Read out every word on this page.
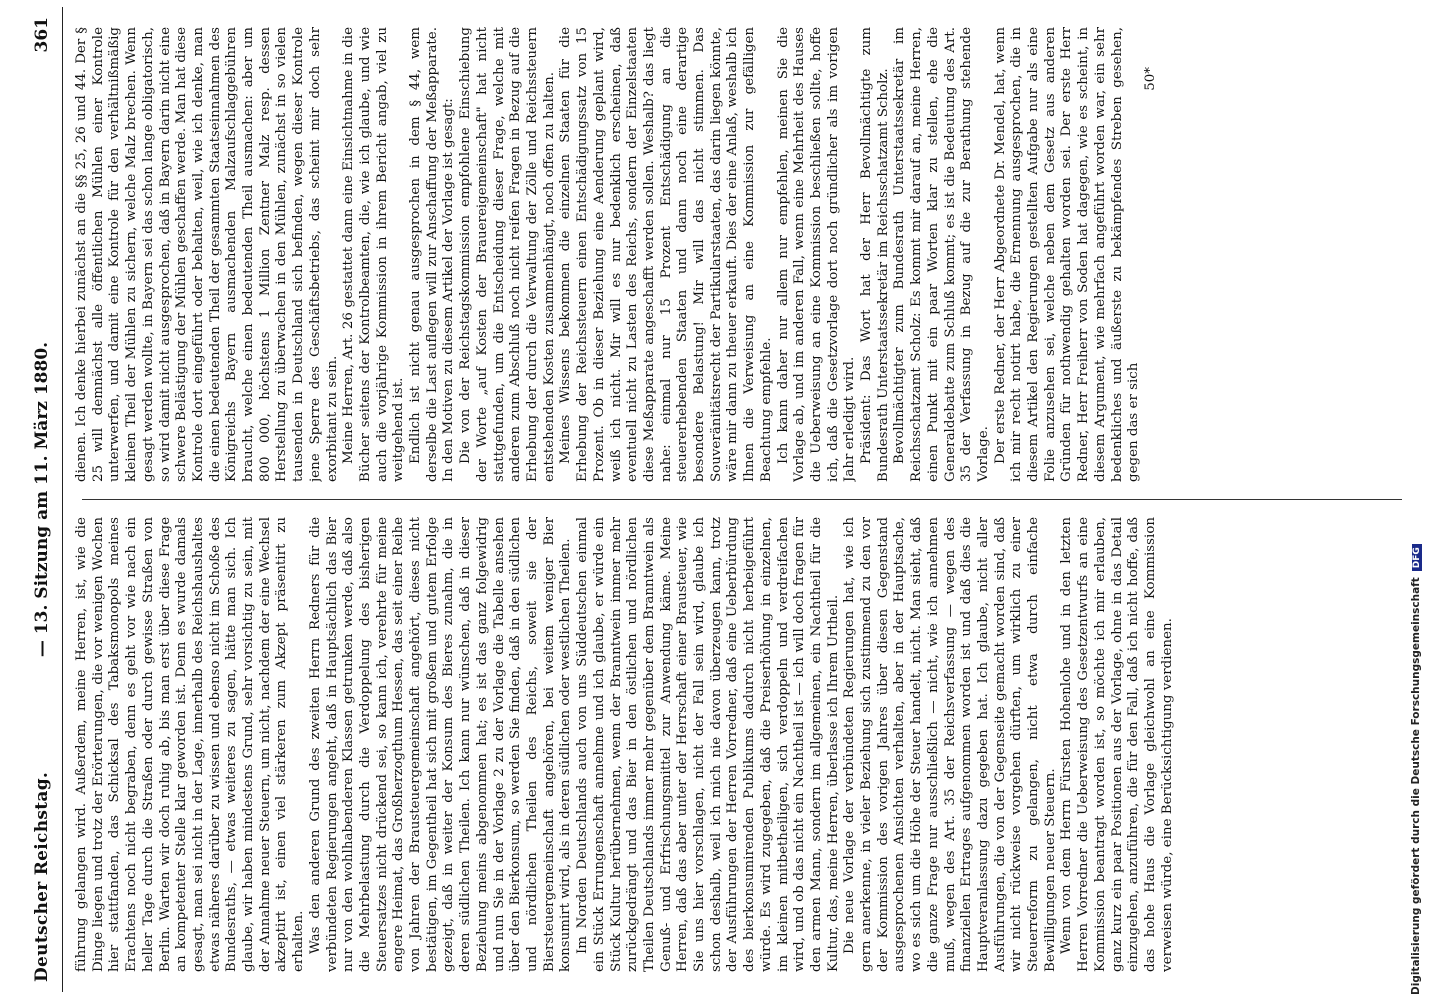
Deutscher Reichstag.
— 13. Sitzung am 11. März 1880.
361

führung gelangen wird. Außerdem, meine Herren, ist, wie die Dinge liegen und trotz der Erörterungen, die vor wenigen Wochen hier stattfanden, das Schicksal des Tabaksmonopols meines Erachtens noch nicht begraben, denn es geht vor wie nach ein heller Tage durch die Straßen oder durch gewisse Straßen von Berlin. Warten wir doch ruhig ab, bis man erst über diese Frage an kompetenter Stelle klar geworden ist. Denn es wurde damals gesagt, man sei nicht in der Lage, innerhalb des Reichshaushaltes etwas näheres darüber zu wissen und ebenso nicht im Schoße des Bundesraths, — etwas weiteres zu sagen, hätte man sich. Ich glaube, wir haben mindestens Grund, sehr vorsichtig zu sein, mit der Annahme neuer Steuern, um nicht, nachdem der eine Wechsel akzeptirt ist, einen viel stärkeren zum Akzept präsentirt zu erhalten. Was den anderen Grund des zweiten Herrn Redners für die verbündeten Regierungen angeht, daß in Hauptsächlich das Bier nur von den wohlhabenderen Klassen getrunken werde, daß also die Mehrbelastung durch die Verdoppelung des bisherigen Steuersatzes nicht drückend sei, so kann ich, verehrte für meine engere Heimat, das Großherzogthum Hessen, das seit einer Reihe von Jahren der Brausteuergemeinschaft angehört, dieses nicht bestätigen, im Gegentheil hat sich mit großem und gutem Erfolge gezeigt, daß in weiter der Konsum des Bieres zunahm, die in deren südlichen Theilen. Ich kann nur wünschen, daß in dieser Beziehung meins abgenommen hat; es ist das ganz folgewidrig und nun Sie in der Vorlage 2 zu der Vorlage die Tabelle ansehen über den Bierkonsum, so werden Sie finden, daß in den südlichen und nördlichen Theilen des Reichs, soweit sie der Biersteuergemeinschaft angehören, bei weitem weniger Bier konsumirt wird, als in deren südlichen oder westlichen Theilen. Im Norden Deutschlands auch von uns Süddeutschen einmal ein Stück Errungenschaft annehme und ich glaube, er würde ein Stück Kultur herübernehmen, wenn der Branntwein immer mehr zurückgedrängt und das Bier in den östlichen und nördlichen Theilen Deutschlands immer mehr gegenüber dem Branntwein als Genuß- und Erfrischungsmittel zur Anwendung käme. Meine Herren, daß das aber unter der Herrschaft einer Brausteuer, wie Sie uns hier vorschlagen, nicht der Fall sein wird, glaube ich schon deshalb, weil ich mich nie davon überzeugen kann, trotz der Ausführungen der Herren Vorredner, daß eine Ueberbürdung des bierkonsumirenden Publikums dadurch nicht herbeigeführt würde. Es wird zugegeben, daß die Preiserhöhung in einzelnen, im kleinen mitbetheiligen, sich verdoppeln und verdreifachen wird, und ob das nicht ein Nachtheil ist — ich will doch fragen für den armen Mann, sondern im allgemeinen, ein Nachtheil für die Kultur, das, meine Herren, überlasse ich Ihrem Urtheil. Die neue Vorlage der verbündeten Regierungen hat, wie ich gern anerkenne, in vieler Beziehung sich zustimmend zu den vor der Kommission des vorigen Jahres über diesen Gegenstand ausgesprochenen Ansichten verhalten, aber in der Hauptsache, wo es sich um die Höhe der Steuer handelt, nicht. Man sieht, daß die ganze Frage nur ausschließlich — nicht, wie ich annehmen muß, wegen des Art. 35 der Reichsverfassung — wegen des finanziellen Ertrages aufgenommen worden ist und daß dies die Hauptveranlassung dazu gegeben hat. Ich glaube, nicht aller Ausführungen, die von der Gegenseite gemacht worden sind, daß wir nicht rückweise vorgehen dürften, um wirklich zu einer Steuerreform zu gelangen, nicht etwa durch einfache Bewilligungen neuer Steuern. Wenn von dem Herrn Fürsten Hohenlohe und in den letzten Herren Vorredner die Ueberweisung des Gesetzentwurfs an eine Kommission beantragt worden ist, so möchte ich mir erlauben, ganz kurz ein paar Positionen aus der Vorlage, ohne in das Detail einzugehen, anzuführen, die für den Fall, daß ich nicht hoffe, daß das hohe Haus die Vorlage gleichwohl an eine Kommission verweisen würde, eine Berücksichtigung verdienen.

dienen. Ich denke hierbei zunächst an die §§ 25, 26 und 44. Der § 25 will demnächst alle öffentlichen Mühlen einer Kontrole unterwerfen, und damit eine Kontrole für den verhältnißmäßig kleinen Theil der Mühlen zu sichern, welche Malz brechen. Wenn gesagt werden wollte, in Bayern sei das schon lange obligatorisch, so wird damit nicht ausgesprochen, daß in Bayern darin nicht eine schwere Belästigung der Mühlen geschaffen werde. Man hat diese Kontrole dort eingeführt oder behalten, weil, wie ich denke, man die einen bedeutenden Theil der gesammten Staatseinnahmen des Königreichs Bayern ausmachenden Malzaufschlaggebühren braucht, welche einen bedeutenden Theil ausmachen: aber um 800 000, höchstens 1 Million Zentner Malz resp. dessen Herstellung zu überwachen in den Mühlen, zunächst in so vielen tausenden in Deutschland sich befinden, wegen dieser Kontrole jene Sperre des Geschäftsbetriebs, das scheint mir doch sehr exorbitant zu sein. Meine Herren, Art. 26 gestattet dann eine Einsichtnahme in die Bücher seitens der Kontrolbeamten, die, wie ich glaube, und wie auch die vorjährige Kommission in ihrem Bericht angab, viel zu weitgehend ist. Endlich ist nicht genau ausgesprochen in dem § 44, wem derselbe die Last auflegen will zur Anschaffung der Meßapparate. In den Motiven zu diesem Artikel der Vorlage ist gesagt: Die von der Reichstagskommission empfohlene Einschiebung der Worte „auf Kosten der Brauereigemeinschaft" hat nicht stattgefunden, um die Entscheidung dieser Frage, welche mit anderen zum Abschluß noch nicht reifen Fragen in Bezug auf die Erhebung der durch die Verwaltung der Zölle und Reichssteuern entstehenden Kosten zusammenhängt, noch offen zu halten. Meines Wissens bekommen die einzelnen Staaten für die Erhebung der Reichssteuern einen Entschädigungssatz von 15 Prozent. Ob in dieser Beziehung eine Aenderung geplant wird, weiß ich nicht. Mir will es nur bedenklich erscheinen, daß eventuell nicht zu Lasten des Reichs, sondern der Einzelstaaten diese Meßapparate angeschafft werden sollen. Weshalb? das liegt nahe: einmal nur 15 Prozent Entschädigung an die steuererhebenden Staaten und dann noch eine derartige besondere Belastung! Mir will das nicht stimmen. Das Souveränitätsrecht der Partikularstaaten, das darin liegen könnte, wäre mir dann zu theuer erkauft. Dies der eine Anlaß, weshalb ich Ihnen die Verweisung an eine Kommission zur gefälligen Beachtung empfehle. Ich kann daher nur allem nur empfehlen, meinen Sie die Vorlage ab, und im anderen Fall, wenn eine Mehrheit des Hauses die Ueberweisung an eine Kommission beschließen sollte, hoffe ich, daß die Gesetzvorlage dort noch gründlicher als im vorigen Jahr erledigt wird. Präsident: Das Wort hat der Herr Bevollmächtigte zum Bundesrath Unterstaatssekretär im Reichsschatzamt Scholz. Bevollmächtigter zum Bundesrath Unterstaatssekretär im Reichsschatzamt Scholz: Es kommt mir darauf an, meine Herren, einen Punkt mit ein paar Worten klar zu stellen, ehe die Generaldebatte zum Schluß kommt; es ist die Bedeutung des Art. 35 der Verfassung in Bezug auf die zur Berathung stehende Vorlage. Der erste Redner, der Herr Abgeordnete Dr. Mendel, hat, wenn ich mir recht notirt habe, die Ernennung ausgesprochen, die in diesem Artikel den Regierungen gestellten Aufgabe nur als eine Folie anzusehen sei, welche neben dem Gesetz aus anderen Gründen für nothwendig gehalten worden sei. Der erste Herr Redner, Herr Freiherr von Soden hat dagegen, wie es scheint, in diesem Argument, wie mehrfach angeführt worden war, ein sehr bedenkliches und äußerste zu bekämpfendes Streben gesehen, gegen das er sich

50*

Digitalisierung gefördert durch die Deutsche ForschungsgemeinschaftDFG
